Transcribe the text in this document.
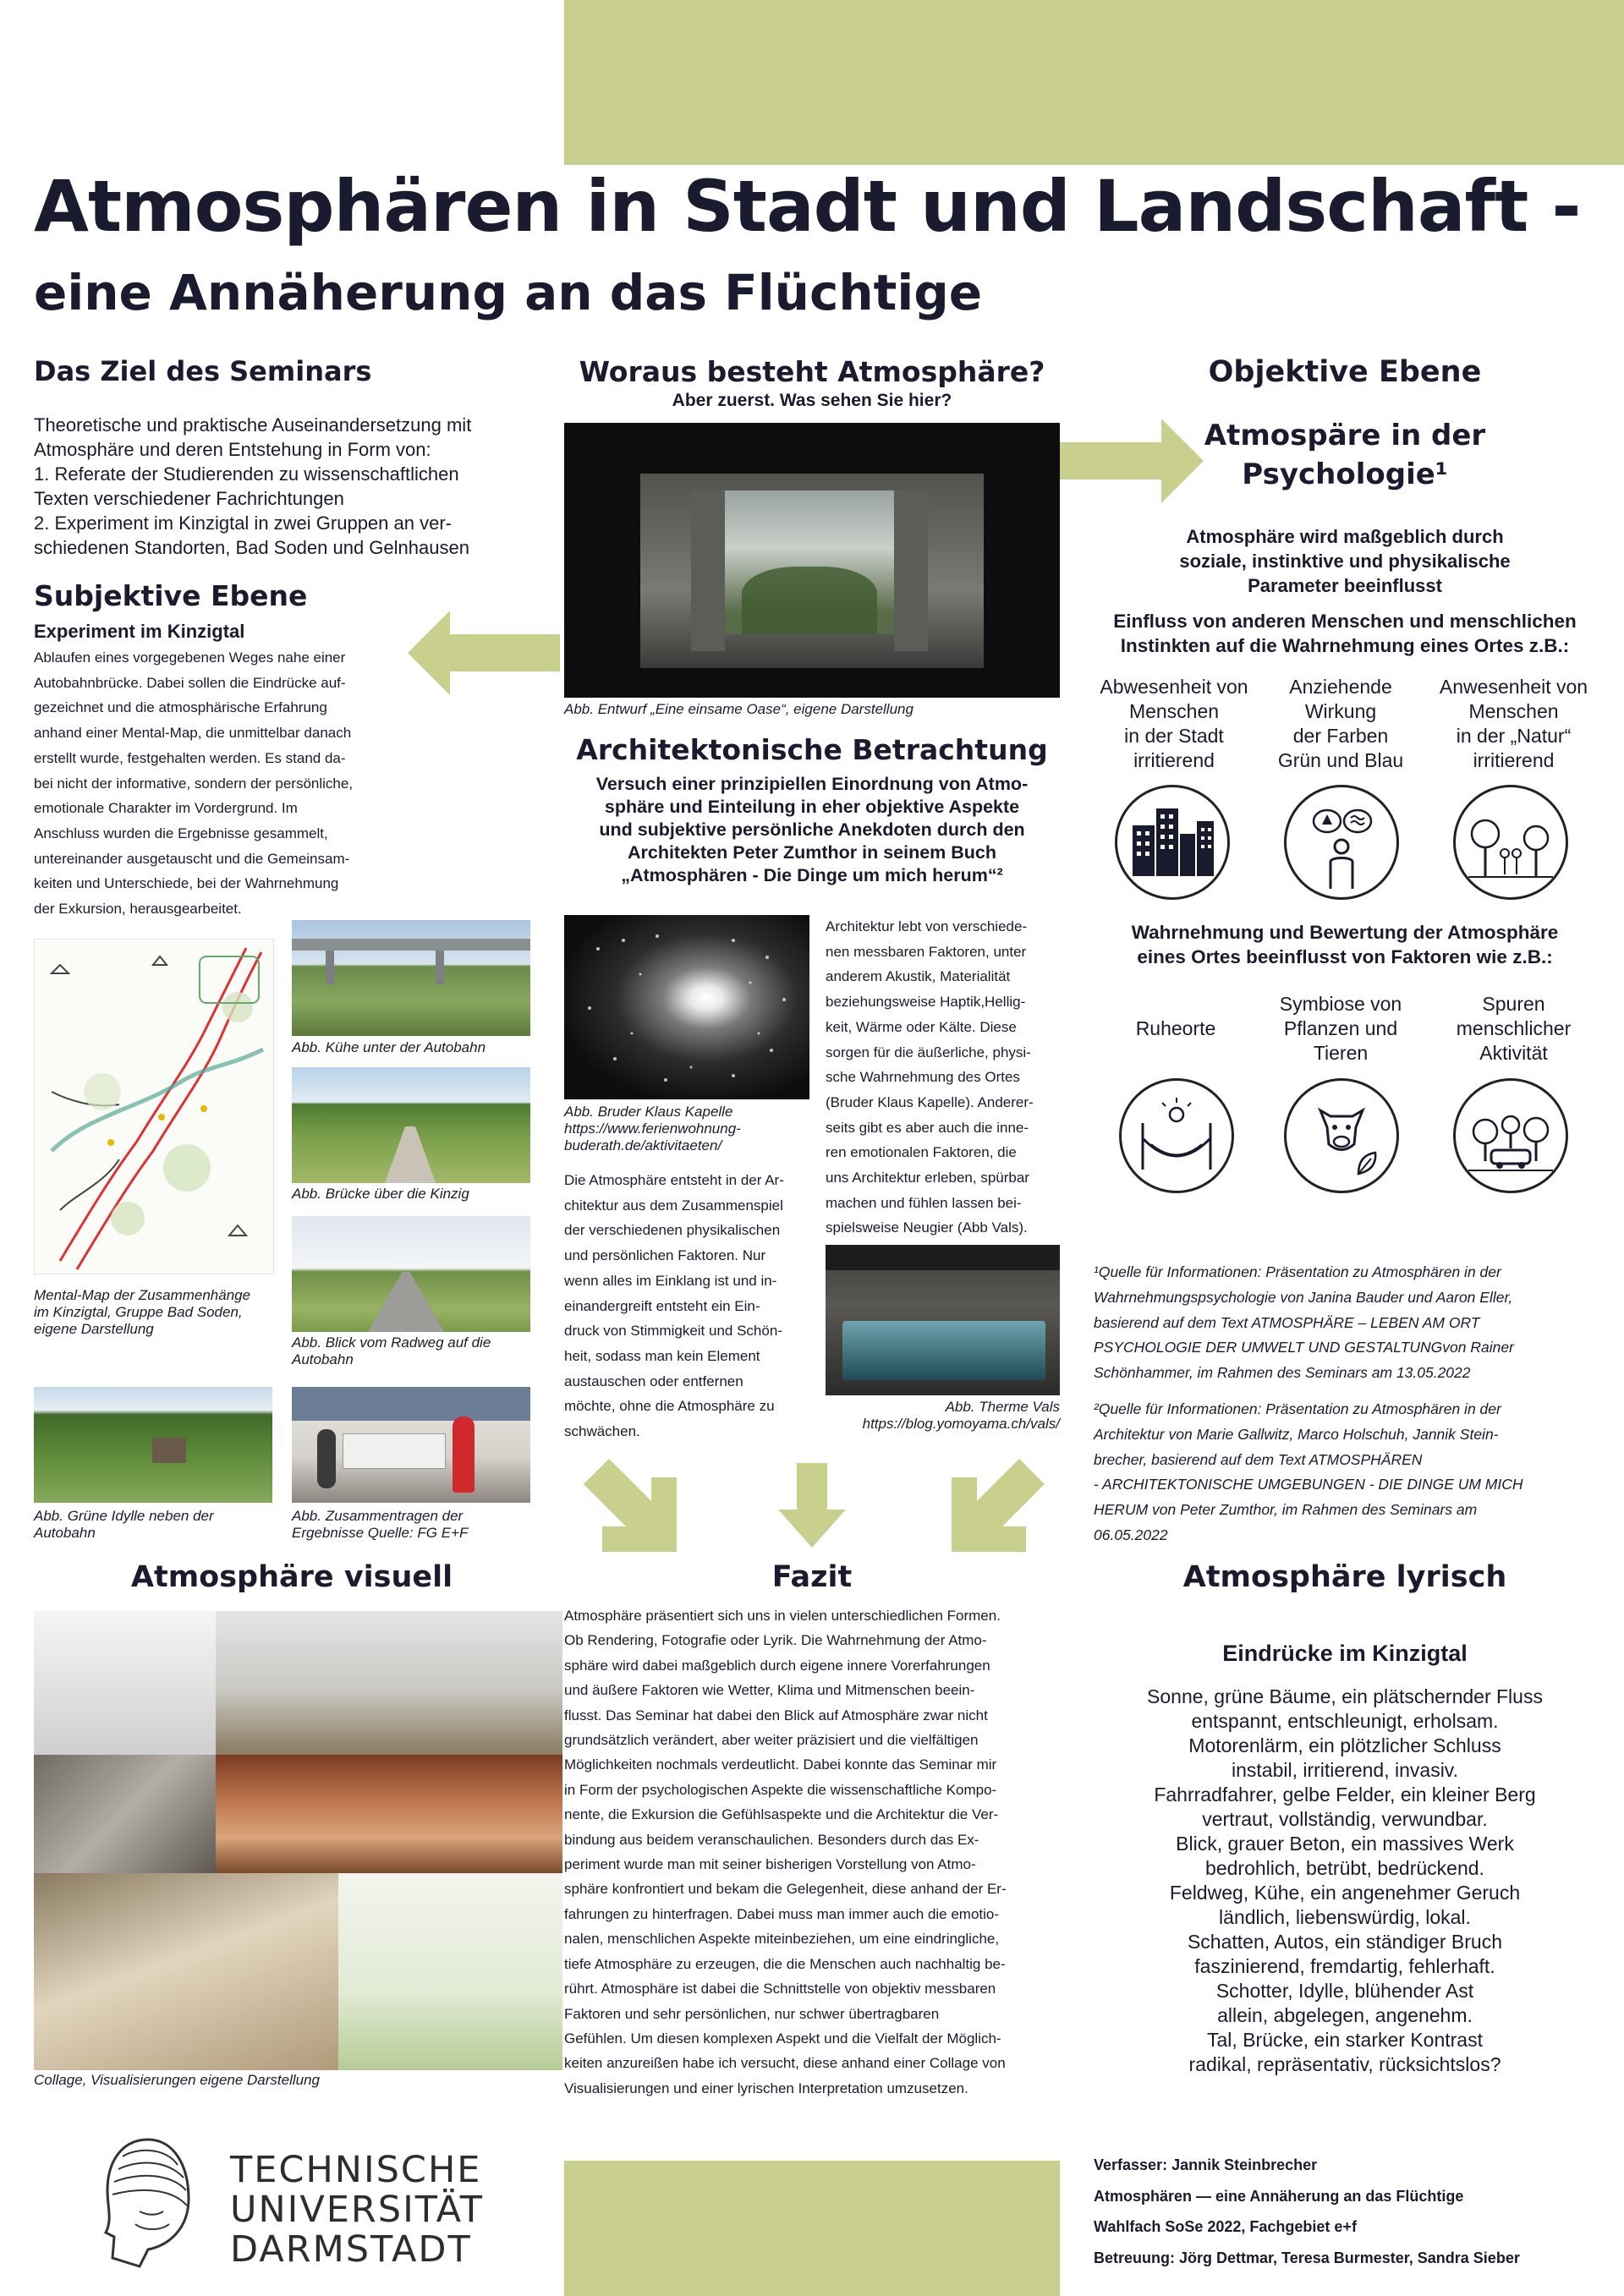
Atmosphären in Stadt und Landschaft -
eine Annäherung an das Flüchtige
Das Ziel des Seminars
Theoretische und praktische Auseinandersetzung mit
Atmosphäre und deren Entstehung in Form von:
1. Referate der Studierenden zu wissenschaftlichen
Texten verschiedener Fachrichtungen
2. Experiment im Kinzigtal in zwei Gruppen an ver-
schiedenen Standorten, Bad Soden und Gelnhausen
Subjektive Ebene
Experiment im Kinzigtal
Ablaufen eines vorgegebenen Weges nahe einer
Autobahnbrücke. Dabei sollen die Eindrücke auf-
gezeichnet und die atmosphärische Erfahrung
anhand einer Mental-Map, die unmittelbar danach
erstellt wurde, festgehalten werden. Es stand da-
bei nicht der informative, sondern der persönliche,
emotionale Charakter im Vordergrund. Im
Anschluss wurden die Ergebnisse gesammelt,
untereinander ausgetauscht und die Gemeinsam-
keiten und Unterschiede, bei der Wahrnehmung
der Exkursion, herausgearbeitet.
Mental-Map der Zusammenhänge
im Kinzigtal, Gruppe Bad Soden,
eigene Darstellung
Abb. Kühe unter der Autobahn
Abb. Brücke über die Kinzig
Abb. Blick vom Radweg auf die
Autobahn
Abb. Grüne Idylle neben der
Autobahn
Abb. Zusammentragen der
Ergebnisse Quelle: FG E+F
Atmosphäre visuell
Collage, Visualisierungen eigene Darstellung
Woraus besteht Atmosphäre?
Aber zuerst. Was sehen Sie hier?
Abb. Entwurf „Eine einsame Oase“, eigene Darstellung
Architektonische Betrachtung
Versuch einer prinzipiellen Einordnung von Atmo-
sphäre und Einteilung in eher objektive Aspekte
und subjektive persönliche Anekdoten durch den
Architekten Peter Zumthor in seinem Buch
„Atmosphären - Die Dinge um mich herum“²
Abb. Bruder Klaus Kapelle
https://www.ferienwohnung-
buderath.de/aktivitaeten/
Architektur lebt von verschiede-
nen messbaren Faktoren, unter
anderem Akustik, Materialität
beziehungsweise Haptik,Hellig-
keit, Wärme oder Kälte. Diese
sorgen für die äußerliche, physi-
sche Wahrnehmung des Ortes
(Bruder Klaus Kapelle). Anderer-
seits gibt es aber auch die inne-
ren emotionalen Faktoren, die
uns Architektur erleben, spürbar
machen und fühlen lassen bei-
spielsweise Neugier (Abb Vals).
Die Atmosphäre entsteht in der Ar-
chitektur aus dem Zusammenspiel
der verschiedenen physikalischen
und persönlichen Faktoren. Nur
wenn alles im Einklang ist und in-
einandergreift entsteht ein Ein-
druck von Stimmigkeit und Schön-
heit, sodass man kein Element
austauschen oder entfernen
möchte, ohne die Atmosphäre zu
schwächen.
Abb. Therme Vals
https://blog.yomoyama.ch/vals/
Fazit
Atmosphäre präsentiert sich uns in vielen unterschiedlichen Formen.
Ob Rendering, Fotografie oder Lyrik. Die Wahrnehmung der Atmo-
sphäre wird dabei maßgeblich durch eigene innere Vorerfahrungen
und äußere Faktoren wie Wetter, Klima und Mitmenschen beein-
flusst. Das Seminar hat dabei den Blick auf Atmosphäre zwar nicht
grundsätzlich verändert, aber weiter präzisiert und die vielfältigen
Möglichkeiten nochmals verdeutlicht. Dabei konnte das Seminar mir
in Form der psychologischen Aspekte die wissenschaftliche Kompo-
nente, die Exkursion die Gefühlsaspekte und die Architektur die Ver-
bindung aus beidem veranschaulichen. Besonders durch das Ex-
periment wurde man mit seiner bisherigen Vorstellung von Atmo-
sphäre konfrontiert und bekam die Gelegenheit, diese anhand der Er-
fahrungen zu hinterfragen. Dabei muss man immer auch die emotio-
nalen, menschlichen Aspekte miteinbeziehen, um eine eindringliche,
tiefe Atmosphäre zu erzeugen, die die Menschen auch nachhaltig be-
rührt. Atmosphäre ist dabei die Schnittstelle von objektiv messbaren
Faktoren und sehr persönlichen, nur schwer übertragbaren
Gefühlen. Um diesen komplexen Aspekt und die Vielfalt der Möglich-
keiten anzureißen habe ich versucht, diese anhand einer Collage von
Visualisierungen und einer lyrischen Interpretation umzusetzen.
Objektive Ebene
Atmospäre in der
Psychologie¹
Atmosphäre wird maßgeblich durch
soziale, instinktive und physikalische
Parameter beeinflusst
Einfluss von anderen Menschen und menschlichen
Instinkten auf die Wahrnehmung eines Ortes z.B.:
Abwesenheit von
Menschen
in der Stadt
irritierend
Anziehende
Wirkung
der Farben
Grün und Blau
Anwesenheit von
Menschen
in der „Natur“
irritierend
Wahrnehmung und Bewertung der Atmosphäre
eines Ortes beeinflusst von Faktoren wie z.B.:
Ruheorte
Symbiose von
Pflanzen und
Tieren
Spuren
menschlicher
Aktivität
¹Quelle für Informationen: Präsentation zu Atmosphären in der
Wahrnehmungspsychologie von Janina Bauder und Aaron Eller,
basierend auf dem Text ATMOSPHÄRE – LEBEN AM ORT
PSYCHOLOGIE DER UMWELT UND GESTALTUNGvon Rainer
Schönhammer, im Rahmen des Seminars am 13.05.2022
²Quelle für Informationen: Präsentation zu Atmosphären in der
Architektur von Marie Gallwitz, Marco Holschuh, Jannik Stein-
brecher, basierend auf dem Text ATMOSPHÄREN
- ARCHITEKTONISCHE UMGEBUNGEN - DIE DINGE UM MICH
HERUM von Peter Zumthor, im Rahmen des Seminars am
06.05.2022
Atmosphäre lyrisch
Eindrücke im Kinzigtal
Sonne, grüne Bäume, ein plätschernder Fluss
entspannt, entschleunigt, erholsam.
Motorenlärm, ein plötzlicher Schluss
instabil, irritierend, invasiv.
Fahrradfahrer, gelbe Felder, ein kleiner Berg
vertraut, vollständig, verwundbar.
Blick, grauer Beton, ein massives Werk
bedrohlich, betrübt, bedrückend.
Feldweg, Kühe, ein angenehmer Geruch
ländlich, liebenswürdig, lokal.
Schatten, Autos, ein ständiger Bruch
faszinierend, fremdartig, fehlerhaft.
Schotter, Idylle, blühender Ast
allein, abgelegen, angenehm.
Tal, Brücke, ein starker Kontrast
radikal, repräsentativ, rücksichtslos?
TECHNISCHE
UNIVERSITÄT
DARMSTADT
Verfasser: Jannik Steinbrecher
Atmosphären — eine Annäherung an das Flüchtige
Wahlfach SoSe 2022, Fachgebiet e+f
Betreuung: Jörg Dettmar, Teresa Burmester, Sandra Sieber
